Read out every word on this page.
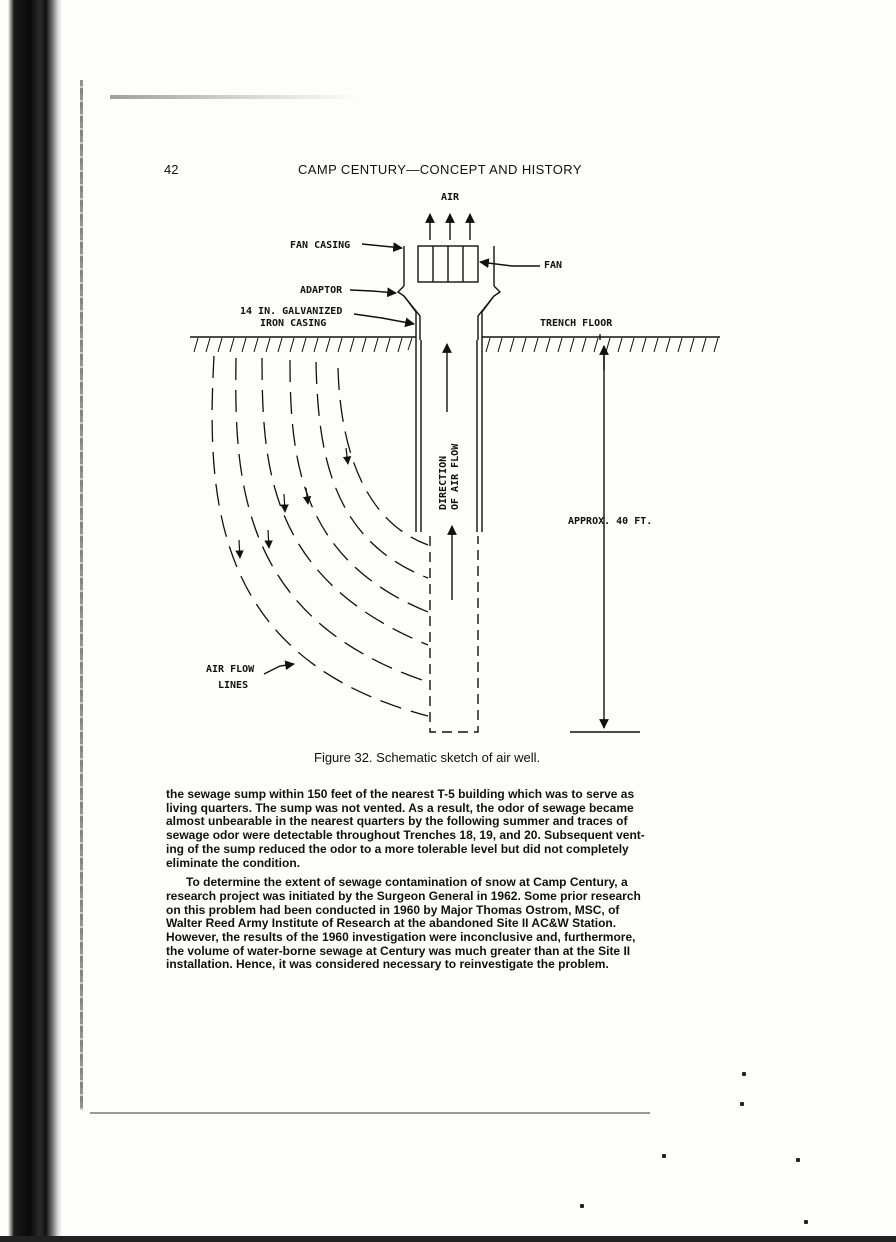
42	CAMP CENTURY—CONCEPT AND HISTORY
AIR
FAN CASING
FAN
ADAPTOR
14 IN. GALVANIZED
IRON CASING	TRENCH FLOOR
DIRECTION OF AIR FLOW
APPROX. 40 FT.
AIR FLOW
LINES
Figure 32. Schematic sketch of air well.

the sewage sump within 150 feet of the nearest T-5 building which was to serve as

living quarters. The sump was not vented. As a result, the odor of sewage became

almost unbearable in the nearest quarters by the following summer and traces of

sewage odor were detectable throughout Trenches 18, 19, and 20. Subsequent vent-

ing of the sump reduced the odor to a more tolerable level but did not completely

eliminate the condition.

To determine the extent of sewage contamination of snow at Camp Century, a

research project was initiated by the Surgeon General in 1962. Some prior research

on this problem had been conducted in 1960 by Major Thomas Ostrom, MSC, of

Walter Reed Army Institute of Research at the abandoned Site II AC&W Station.

However, the results of the 1960 investigation were inconclusive and, furthermore,

the volume of water-borne sewage at Century was much greater than at the Site II

installation. Hence, it was considered necessary to reinvestigate the problem.
